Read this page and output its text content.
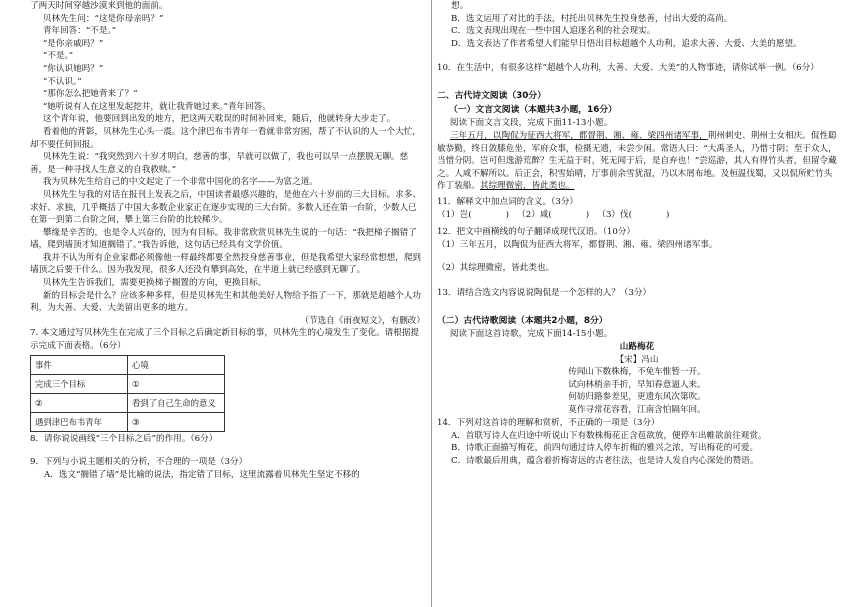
了两天时间穿越沙漠来到他的面前。

贝林先生问：“这是你母亲吗？”

青年回答：“不是。”

“是你亲戚吗？”

“不是。”

“你认识她吗？”

“不认识。”

“那你怎么把她背来了？”

“她听说有人在这里发起挖井，就让我背她过来。”青年回答。

这个青年说，他要回到出发的地方，把这两天耽误的时间补回来，随后，他就转身大步走了。

看着他的背影，贝林先生心头一震。这个津巴布韦青年一看就非常穷困，帮了不认识的人一个大忙，却不要任何回报。

贝林先生说：“我突然到六十岁才明白，慈善的事，早就可以做了，我也可以早一点摆脱无聊。慈善，是一种寻找人生意义的自我救赎。”

我为贝林先生给自己的中文起定了一个非常中国化的名字——为富之道。

贝林先生与我的对话在报刊上发表之后，中国读者最感兴趣的，是他在六十岁前的三大目标。求多、求好、求独，几乎概括了中国大多数企业家正在逐步实现的三大台阶。多数人还在第一台阶，少数人已在第一到第二台阶之间，攀上第三台阶的比较稀少。

攀缘是辛苦的，也是令人兴奋的，因为有目标。我非常欣赏贝林先生说的一句话：“我把梯子搁错了墙，爬到墙顶才知道搁错了。”我告诉他，这句话已经具有文学价值。

我并不认为所有企业家都必须像他一样最终都要全然投身慈善事业，但是我希望大家经常想想，爬到墙顶之后要干什么。因为我发现，很多人还没有攀到高处，在半道上就已经感到无聊了。

贝林先生告诉我们，需要更换梯子搁置的方向，更换目标。

新的目标会是什么？应该多种多样，但是贝林先生和其他美好人物给予指了一下，那就是超越个人功利，为大善、大爱、大美留出更多的地方。

（节选自《雨夜短文》，有删改）

7. 本文通过写贝林先生在完成了三个目标之后确定新目标的事，贝林先生的心境发生了变化。请根据提示完成下面表格。（6分）

事件	心境
完成三个目标	①
②	看到了自己生命的意义
遇到津巴布韦青年	③

8．请你说说画线“三个目标之后”的作用。（6分）

9．下列与小说主题相关的分析，不合理的一项是（3分）

A．选文“搁错了墙”是比喻的说法，指定错了目标，这里流露着贝林先生坚定不移的

想。

B．选文运用了对比的手法，村托出贝林先生投身慈善，付出大爱的高尚。

C．选文表现出现在一些中国人追逐名利的社会现实。

D．选文表达了作者希望人们能早日悟出目标超越个人功利，追求大善、大爱、大美的愿望。

10．在生活中，有很多这样“超越个人功利，大善、大爱、大美”的人物事迹，请你试举一例。（6分）

二、古代诗文阅读（30分）

（一）文言文阅读（本题共3小题，16分）

阅读下面文言文段，完成下面11-13小题。

三年五月，以陶侃为征西大将军，都督荆、湘、雍、梁四州诸军事，荆州刺史、荆州士女相庆。侃性聪敏恭勤，终日敛膝危坐，军府众事，检摄无遗，未尝少闲。常语人曰：“大禹圣人，乃惜寸阴；至于众人，当惜分阴。岂可但逸游荒醉？生无益于时，死无闻于后，是自弃也！”尝巡游，其人有得竹头者，但留令藏之。人咸不解所以。后正会，积雪始晴，厅事前余雪犹湿，乃以木屑布地。及桓温伐蜀，又以侃所贮竹头作丁装船。其综理微密，皆此类也。

11．解释文中加点词的含义。（3分）

（1）岂(	) （2）咸(	) （3）伐(	)

12．把文中画横线的句子翻译成现代汉语。（10分）

（1）三年五月，以陶侃为征西大将军，都督荆、湘、雍、梁四州诸军事。

（2）其综理微密，皆此类也。

13．请结合选文内容说说陶侃是一个怎样的人？（3分）

（二）古代诗歌阅读（本题共2小题，8分）

阅读下面这首诗歌，完成下面14-15小题。

山路梅花

【宋】冯山

传闻山下数株梅，不免车惟暂一开。

试向林梢亲手折，早知春意逼人来。

何妨归路参差见，更遗东风次第吹。

莫作寻常花容看，江南含怕隔年回。

14．下列对这首诗的理解和赏析，不正确的一项是（3分）

A．首联写诗人在归途中听说山下有数株梅花正含苞欲放，便停车出帷欲前往观赏。

B．诗歌正面描写梅花，前四句通过诗人停车折梅的雅兴之浓，写出梅花的可爱。

C．诗歌最后用典，蕴含着折梅寄远的古老往法，也是诗人发自内心深处的赞语。
